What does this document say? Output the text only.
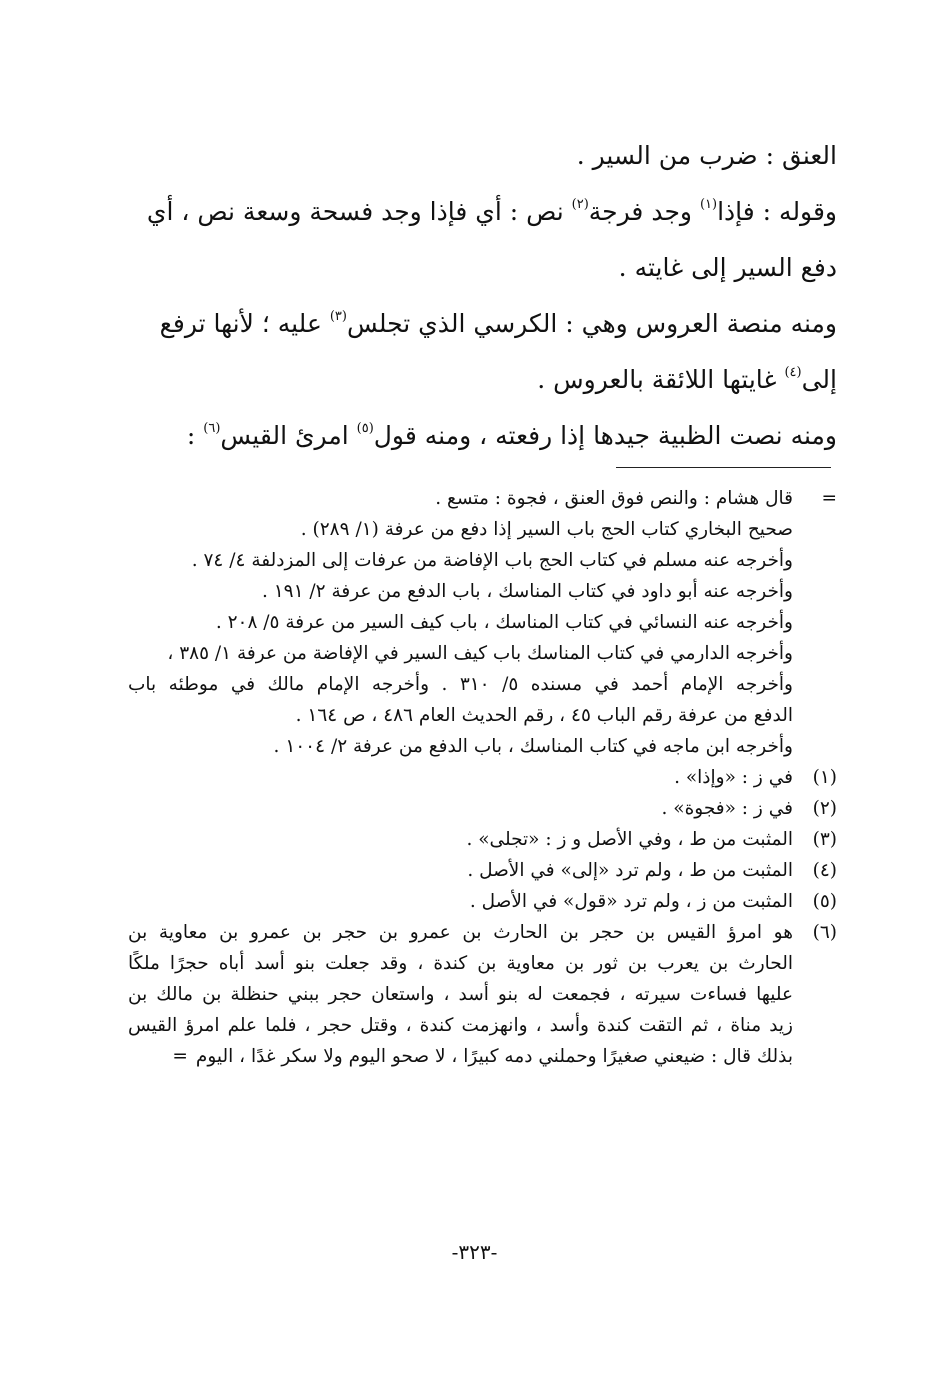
العنق : ضرب من السير .

وقوله : فإذا$^{(١)}$ وجد فرجة$^{(٢)}$ نص : أي فإذا وجد فسحة وسعة نص ، أي

دفع السير إلى غايته .

ومنه منصة العروس وهي : الكرسي الذي تجلس$^{(٣)}$ عليه ؛ لأنها ترفع

إلى$^{(٤)}$ غايتها اللائقة بالعروس .

ومنه نصت الظبية جيدها إذا رفعته ، ومنه قول$^{(٥)}$ امرئ القيس$^{(٦)}$ :

=
قال هشام : والنص فوق العنق ، فجوة : متسع .
صحيح البخاري كتاب الحج باب السير إذا دفع من عرفة (١/ ٢٨٩) .
وأخرجه عنه مسلم في كتاب الحج باب الإفاضة من عرفات إلى المزدلفة ٤/ ٧٤ .
وأخرجه عنه أبو داود في كتاب المناسك ، باب الدفع من عرفة ٢/ ١٩١ .
وأخرجه عنه النسائي في كتاب المناسك ، باب كيف السير من عرفة ٥/ ٢٠٨ .
وأخرجه الدارمي في كتاب المناسك باب كيف السير في الإفاضة من عرفة ١/ ٣٨٥ ،
وأخرجه الإمام أحمد في مسنده ٥/ ٣١٠ . وأخرجه الإمام مالك في موطئه باب
الدفع من عرفة رقم الباب ٤٥ ، رقم الحديث العام ٤٨٦ ، ص ١٦٤ .
وأخرجه ابن ماجه في كتاب المناسك ، باب الدفع من عرفة ٢/ ١٠٠٤ .
(١)
في ز : «وإذا» .
(٢)
في ز : «فجوة» .
(٣)
المثبت من ط ، وفي الأصل و ز : «تجلى» .
(٤)
المثبت من ط ، ولم ترد «إلى» في الأصل .
(٥)
المثبت من ز ، ولم ترد «قول» في الأصل .
(٦)
هو امرؤ القيس بن حجر بن الحارث بن عمرو بن حجر بن عمرو بن معاوية بن
الحارث بن يعرب بن ثور بن معاوية بن كندة ، وقد جعلت بنو أسد أباه حجرًا ملكًا
عليها فساءت سيرته ، فجمعت له بنو أسد ، واستعان حجر ببني حنظلة بن مالك بن
زيد مناة ، ثم التقت كندة وأسد ، وانهزمت كندة ، وقتل حجر ، فلما علم امرؤ القيس
بذلك قال : ضيعني صغيرًا وحملني دمه كبيرًا ، لا صحو اليوم ولا سكر غدًا ، اليوم=
-٣٢٣-
